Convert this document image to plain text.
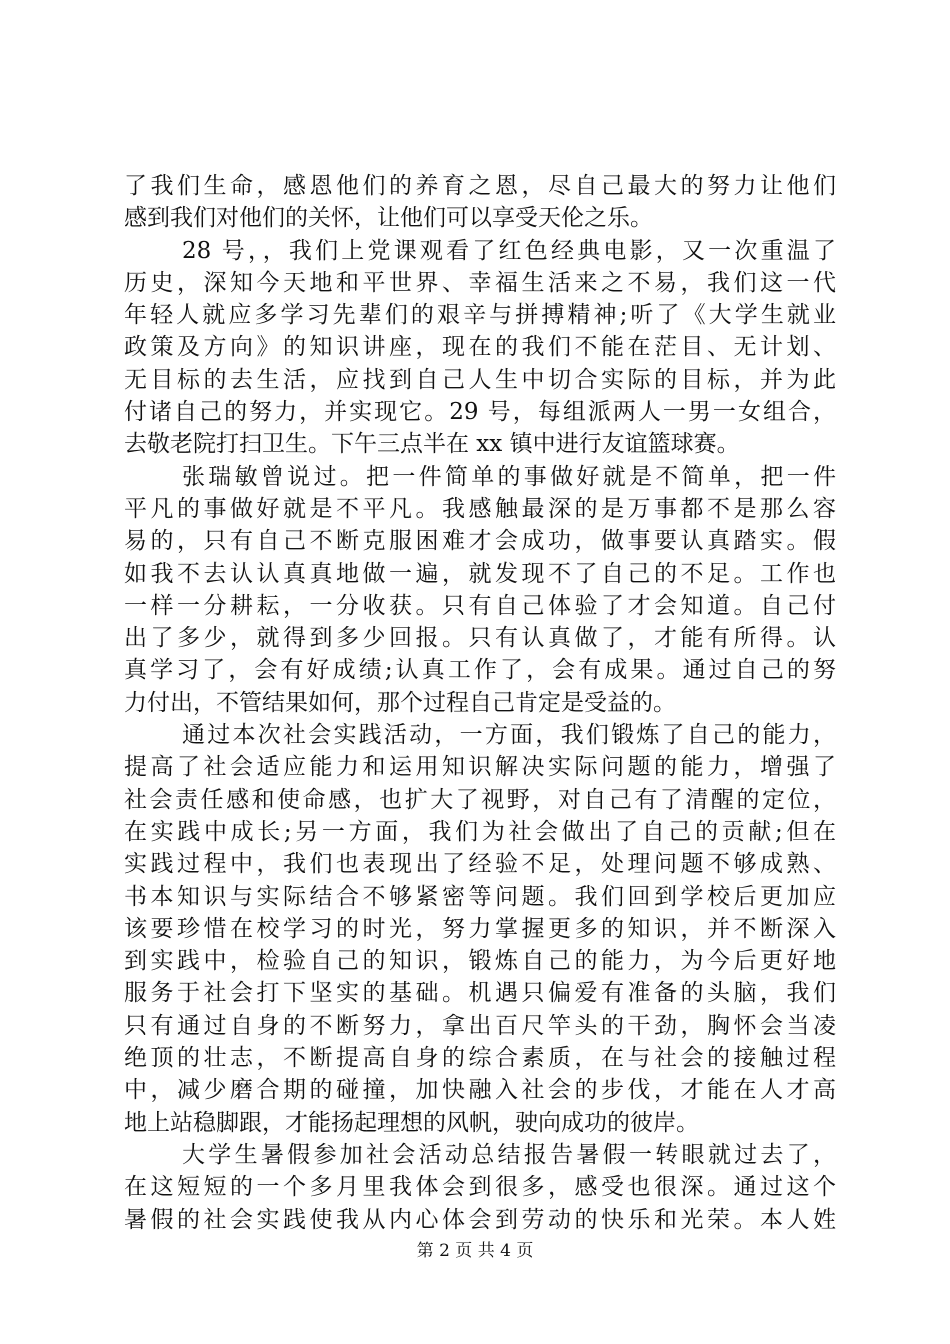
了我们生命，感恩他们的养育之恩，尽自己最大的努力让他们
感到我们对他们的关怀，让他们可以享受天伦之乐。
28 号，，我们上党课观看了红色经典电影，又一次重温了
历史，深知今天地和平世界、幸福生活来之不易，我们这一代
年轻人就应多学习先辈们的艰辛与拼搏精神;听了《大学生就业
政策及方向》的知识讲座，现在的我们不能在茫目、无计划、
无目标的去生活，应找到自己人生中切合实际的目标，并为此
付诸自己的努力，并实现它。29 号，每组派两人一男一女组合，
去敬老院打扫卫生。下午三点半在 xx 镇中进行友谊篮球赛。
张瑞敏曾说过。把一件简单的事做好就是不简单，把一件
平凡的事做好就是不平凡。我感触最深的是万事都不是那么容
易的，只有自己不断克服困难才会成功，做事要认真踏实。假
如我不去认认真真地做一遍，就发现不了自己的不足。工作也
一样一分耕耘，一分收获。只有自己体验了才会知道。自己付
出了多少，就得到多少回报。只有认真做了，才能有所得。认
真学习了，会有好成绩;认真工作了，会有成果。通过自己的努
力付出，不管结果如何，那个过程自己肯定是受益的。
通过本次社会实践活动，一方面，我们锻炼了自己的能力，
提高了社会适应能力和运用知识解决实际问题的能力，增强了
社会责任感和使命感，也扩大了视野，对自己有了清醒的定位，
在实践中成长;另一方面，我们为社会做出了自己的贡献;但在
实践过程中，我们也表现出了经验不足，处理问题不够成熟、
书本知识与实际结合不够紧密等问题。我们回到学校后更加应
该要珍惜在校学习的时光，努力掌握更多的知识，并不断深入
到实践中，检验自己的知识，锻炼自己的能力，为今后更好地
服务于社会打下坚实的基础。机遇只偏爱有准备的头脑，我们
只有通过自身的不断努力，拿出百尺竿头的干劲，胸怀会当凌
绝顶的壮志，不断提高自身的综合素质，在与社会的接触过程
中，减少磨合期的碰撞，加快融入社会的步伐，才能在人才高
地上站稳脚跟，才能扬起理想的风帆，驶向成功的彼岸。
大学生暑假参加社会活动总结报告暑假一转眼就过去了，
在这短短的一个多月里我体会到很多，感受也很深。通过这个
暑假的社会实践使我从内心体会到劳动的快乐和光荣。本人姓
第 2 页 共 4 页
